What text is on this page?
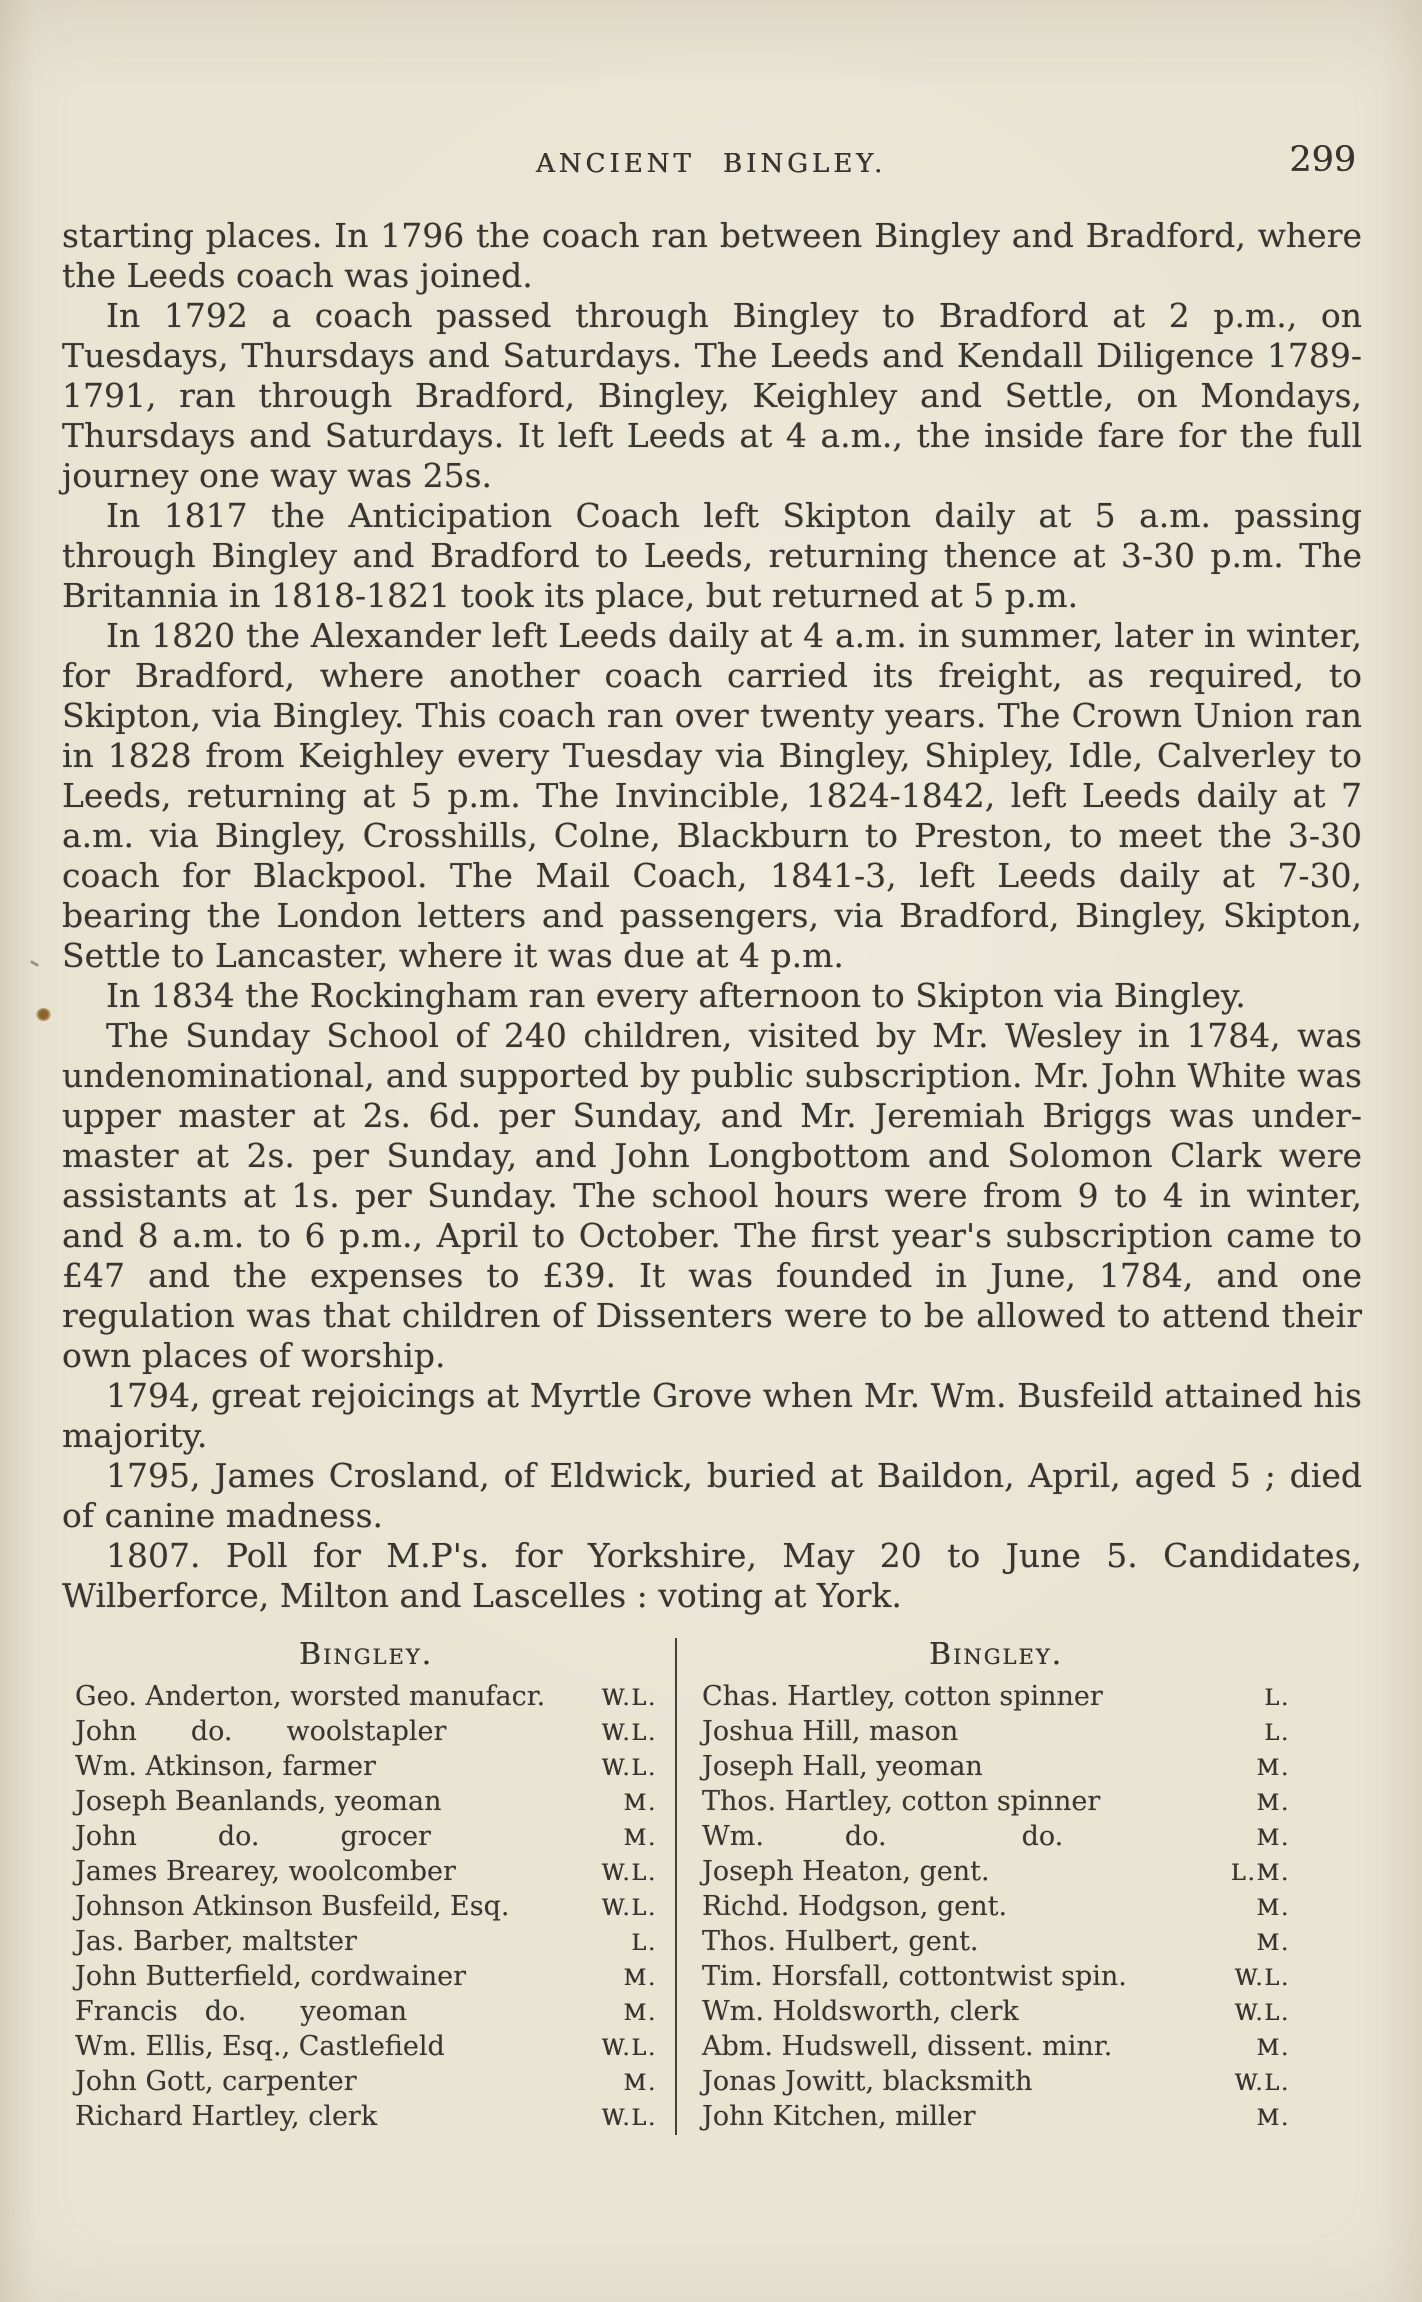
ANCIENT BINGLEY.	299

starting places. In 1796 the coach ran between Bingley and Bradford, where the Leeds coach was joined.

In 1792 a coach passed through Bingley to Bradford at 2 p.m., on Tuesdays, Thursdays and Saturdays. The Leeds and Kendall Diligence 1789-1791, ran through Bradford, Bingley, Keighley and Settle, on Mondays, Thursdays and Saturdays. It left Leeds at 4 a.m., the inside fare for the full journey one way was 25s.

In 1817 the Anticipation Coach left Skipton daily at 5 a.m. passing through Bingley and Bradford to Leeds, returning thence at 3-30 p.m. The Britannia in 1818-1821 took its place, but returned at 5 p.m.

In 1820 the Alexander left Leeds daily at 4 a.m. in summer, later in winter, for Bradford, where another coach carried its freight, as required, to Skipton, via Bingley. This coach ran over twenty years. The Crown Union ran in 1828 from Keighley every Tuesday via Bingley, Shipley, Idle, Calverley to Leeds, returning at 5 p.m. The Invincible, 1824-1842, left Leeds daily at 7 a.m. via Bingley, Crosshills, Colne, Blackburn to Preston, to meet the 3-30 coach for Blackpool. The Mail Coach, 1841-3, left Leeds daily at 7-30, bearing the London letters and passengers, via Bradford, Bingley, Skipton, Settle to Lancaster, where it was due at 4 p.m.

In 1834 the Rockingham ran every afternoon to Skipton via Bingley.

The Sunday School of 240 children, visited by Mr. Wesley in 1784, was undenominational, and supported by public subscription. Mr. John White was upper master at 2s. 6d. per Sunday, and Mr. Jeremiah Briggs was under-master at 2s. per Sunday, and John Longbottom and Solomon Clark were assistants at 1s. per Sunday. The school hours were from 9 to 4 in winter, and 8 a.m. to 6 p.m., April to October. The first year's subscription came to £47 and the expenses to £39. It was founded in June, 1784, and one regulation was that children of Dissenters were to be allowed to attend their own places of worship.

1794, great rejoicings at Myrtle Grove when Mr. Wm. Busfeild attained his majority.

1795, James Crosland, of Eldwick, buried at Baildon, April, aged 5 ; died of canine madness.

1807. Poll for M.P's. for Yorkshire, May 20 to June 5. Candidates, Wilberforce, Milton and Lascelles : voting at York.

Bingley.
Geo. Anderton, worsted manufacr.	W.L.
John  do.  woolstapler	W.L.
Wm. Atkinson, farmer	W.L.
Joseph Beanlands, yeoman	M.
John   do.   grocer	M.
James Brearey, woolcomber	W.L.
Johnson Atkinson Busfeild, Esq.	W.L.
Jas. Barber, maltster	L.
John Butterfield, cordwainer	M.
Francis do.  yeoman	M.
Wm. Ellis, Esq., Castlefield	W.L.
John Gott, carpenter	M.
Richard Hartley, clerk	W.L.
Bingley.
Chas. Hartley, cotton spinner	L.
Joshua Hill, mason	L.
Joseph Hall, yeoman	M.
Thos. Hartley, cotton spinner	M.
Wm.   do.     do.	M.
Joseph Heaton, gent.	L.M.
Richd. Hodgson, gent.	M.
Thos. Hulbert, gent.	M.
Tim. Horsfall, cottontwist spin.	W.L.
Wm. Holdsworth, clerk	W.L.
Abm. Hudswell, dissent. minr.	M.
Jonas Jowitt, blacksmith	W.L.
John Kitchen, miller	M.
